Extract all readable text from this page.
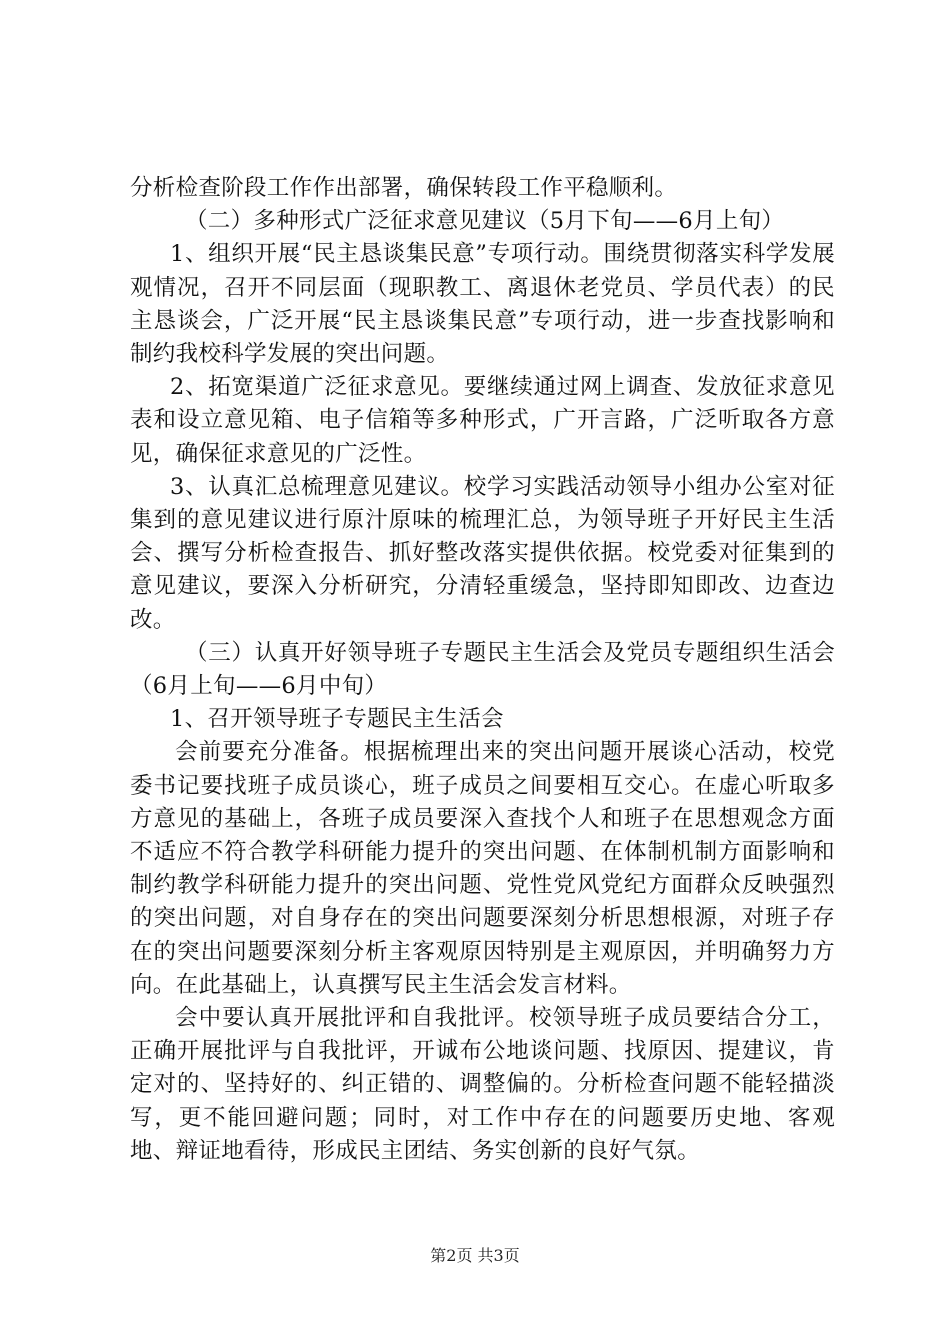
分析检查阶段工作作出部署，确保转段工作平稳顺利。

（二）多种形式广泛征求意见建议（5月下旬——6月上旬）

1、组织开展“民主恳谈集民意”专项行动。围绕贯彻落实科学发展观情况，召开不同层面（现职教工、离退休老党员、学员代表）的民主恳谈会，广泛开展“民主恳谈集民意”专项行动，进一步查找影响和制约我校科学发展的突出问题。

2、拓宽渠道广泛征求意见。要继续通过网上调查、发放征求意见表和设立意见箱、电子信箱等多种形式，广开言路，广泛听取各方意见，确保征求意见的广泛性。

3、认真汇总梳理意见建议。校学习实践活动领导小组办公室对征集到的意见建议进行原汁原味的梳理汇总，为领导班子开好民主生活会、撰写分析检查报告、抓好整改落实提供依据。校党委对征集到的意见建议，要深入分析研究，分清轻重缓急，坚持即知即改、边查边改。

（三）认真开好领导班子专题民主生活会及党员专题组织生活会（6月上旬——6月中旬）

1、召开领导班子专题民主生活会

会前要充分准备。根据梳理出来的突出问题开展谈心活动，校党委书记要找班子成员谈心，班子成员之间要相互交心。在虚心听取多方意见的基础上，各班子成员要深入查找个人和班子在思想观念方面不适应不符合教学科研能力提升的突出问题、在体制机制方面影响和制约教学科研能力提升的突出问题、党性党风党纪方面群众反映强烈的突出问题，对自身存在的突出问题要深刻分析思想根源，对班子存在的突出问题要深刻分析主客观原因特别是主观原因，并明确努力方向。在此基础上，认真撰写民主生活会发言材料。

会中要认真开展批评和自我批评。校领导班子成员要结合分工，正确开展批评与自我批评，开诚布公地谈问题、找原因、提建议，肯定对的、坚持好的、纠正错的、调整偏的。分析检查问题不能轻描淡写，更不能回避问题；同时，对工作中存在的问题要历史地、客观地、辩证地看待，形成民主团结、务实创新的良好气氛。

第2页 共3页
